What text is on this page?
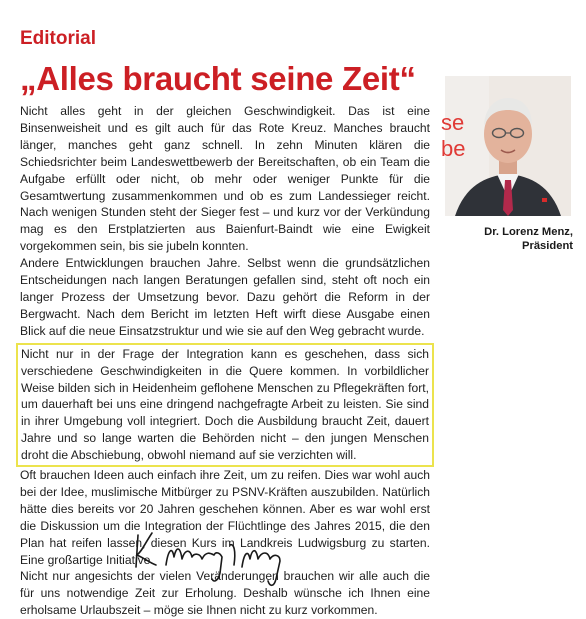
Editorial
„Alles braucht seine Zeit“

Nicht alles geht in der gleichen Geschwindigkeit. Das ist eine Binsenweisheit und es gilt auch für das Rote Kreuz. Manches braucht länger, manches geht ganz schnell. In zehn Minuten klären die Schiedsrichter beim Landeswettbewerb der Bereitschaften, ob ein Team die Aufgabe erfüllt oder nicht, ob mehr oder weniger Punkte für die Gesamtwertung zusammenkommen und ob es zum Landessieger reicht. Nach wenigen Stunden steht der Sieger fest – und kurz vor der Verkündung mag es den Erstplatzierten aus Baienfurt-Baindt wie eine Ewigkeit vorgekommen sein, bis sie jubeln konnten.

Andere Entwicklungen brauchen Jahre. Selbst wenn die grundsätzlichen Entscheidungen nach langen Beratungen gefallen sind, steht oft noch ein langer Prozess der Umsetzung bevor. Dazu gehört die Reform in der Bergwacht. Nach dem Bericht im letzten Heft wirft diese Ausgabe einen Blick auf die neue Einsatzstruktur und wie sie auf den Weg gebracht wurde.

Nicht nur in der Frage der Integration kann es geschehen, dass sich verschiedene Geschwindigkeiten in die Quere kommen. In vorbildlicher Weise bilden sich in Heidenheim geflohene Menschen zu Pflegekräften fort, um dauerhaft bei uns eine dringend nachgefragte Arbeit zu leisten. Sie sind in ihrer Umgebung voll integriert. Doch die Ausbildung braucht Zeit, dauert Jahre und so lange warten die Behörden nicht – den jungen Menschen droht die Abschiebung, obwohl niemand auf sie verzichten will.

Oft brauchen Ideen auch einfach ihre Zeit, um zu reifen. Dies war wohl auch bei der Idee, muslimische Mitbürger zu PSNV-Kräften auszubilden. Natürlich hätte dies bereits vor 20 Jahren geschehen können. Aber es war wohl erst die Diskussion um die Integration der Flüchtlinge des Jahres 2015, die den Plan hat reifen lassen, diesen Kurs im Landkreis Ludwigsburg zu starten. Eine großartige Initiative.

Nicht nur angesichts der vielen Veränderungen brauchen wir alle auch die für uns notwendige Zeit zur Erholung. Deshalb wünsche ich Ihnen eine erholsame Urlaubszeit – möge sie Ihnen nicht zu kurz vorkommen.

se
be
Dr. Lorenz Menz,
Präsident
